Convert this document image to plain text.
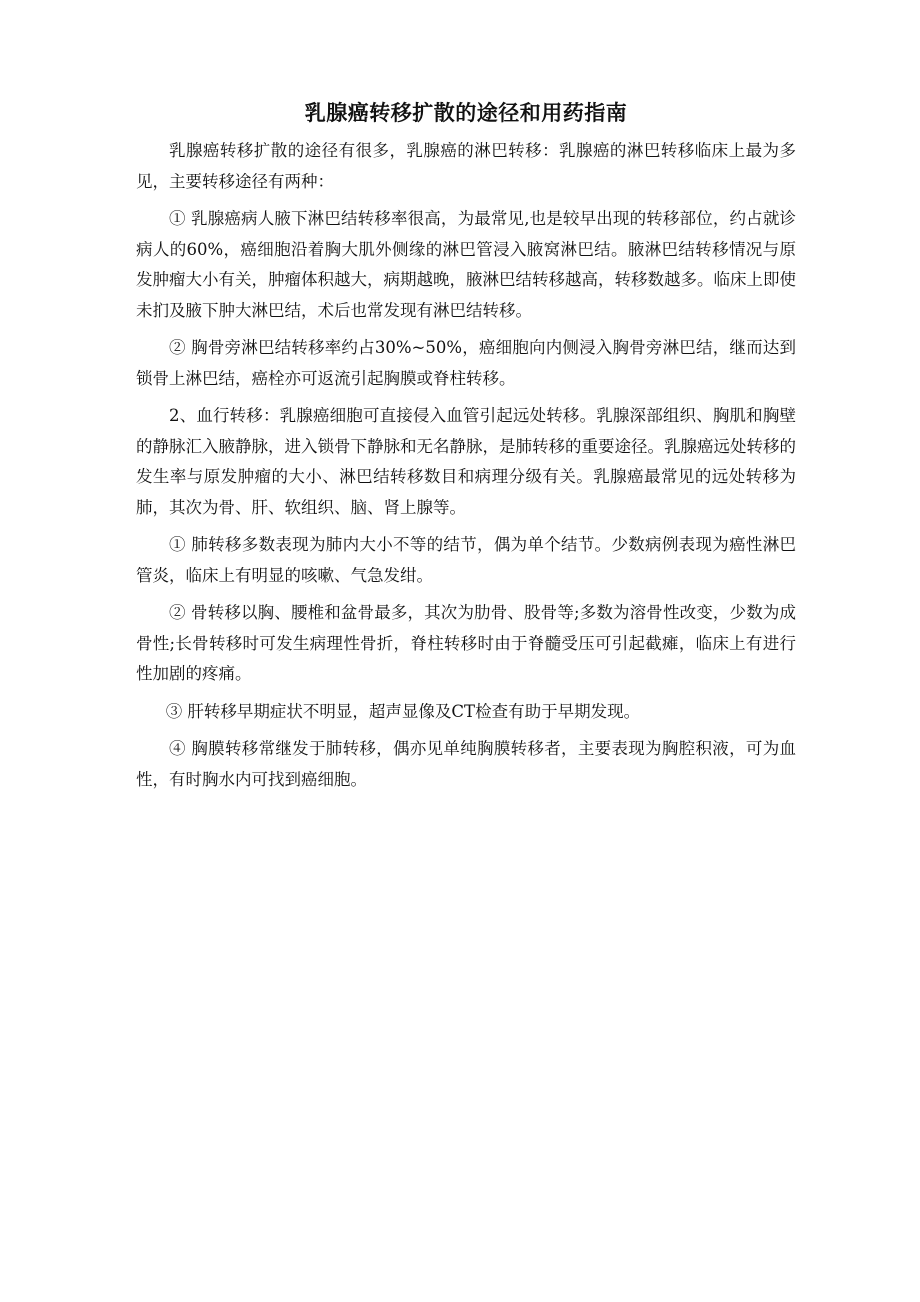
乳腺癌转移扩散的途径和用药指南

乳腺癌转移扩散的途径有很多，乳腺癌的淋巴转移：乳腺癌的淋巴转移临床上最为多见，主要转移途径有两种：

① 乳腺癌病人腋下淋巴结转移率很高，为最常见,也是较早出现的转移部位，约占就诊病人的60%，癌细胞沿着胸大肌外侧缘的淋巴管浸入腋窝淋巴结。腋淋巴结转移情况与原发肿瘤大小有关，肿瘤体积越大，病期越晚，腋淋巴结转移越高，转移数越多。临床上即使未扪及腋下肿大淋巴结，术后也常发现有淋巴结转移。

② 胸骨旁淋巴结转移率约占30%~50%，癌细胞向内侧浸入胸骨旁淋巴结，继而达到锁骨上淋巴结，癌栓亦可返流引起胸膜或脊柱转移。

2、血行转移：乳腺癌细胞可直接侵入血管引起远处转移。乳腺深部组织、胸肌和胸壁的静脉汇入腋静脉，进入锁骨下静脉和无名静脉，是肺转移的重要途径。乳腺癌远处转移的发生率与原发肿瘤的大小、淋巴结转移数目和病理分级有关。乳腺癌最常见的远处转移为肺，其次为骨、肝、软组织、脑、肾上腺等。

① 肺转移多数表现为肺内大小不等的结节，偶为单个结节。少数病例表现为癌性淋巴管炎，临床上有明显的咳嗽、气急发绀。

② 骨转移以胸、腰椎和盆骨最多，其次为肋骨、股骨等;多数为溶骨性改变，少数为成骨性;长骨转移时可发生病理性骨折，脊柱转移时由于脊髓受压可引起截瘫，临床上有进行性加剧的疼痛。

③ 肝转移早期症状不明显，超声显像及CT检查有助于早期发现。

④ 胸膜转移常继发于肺转移，偶亦见单纯胸膜转移者，主要表现为胸腔积液，可为血性，有时胸水内可找到癌细胞。
